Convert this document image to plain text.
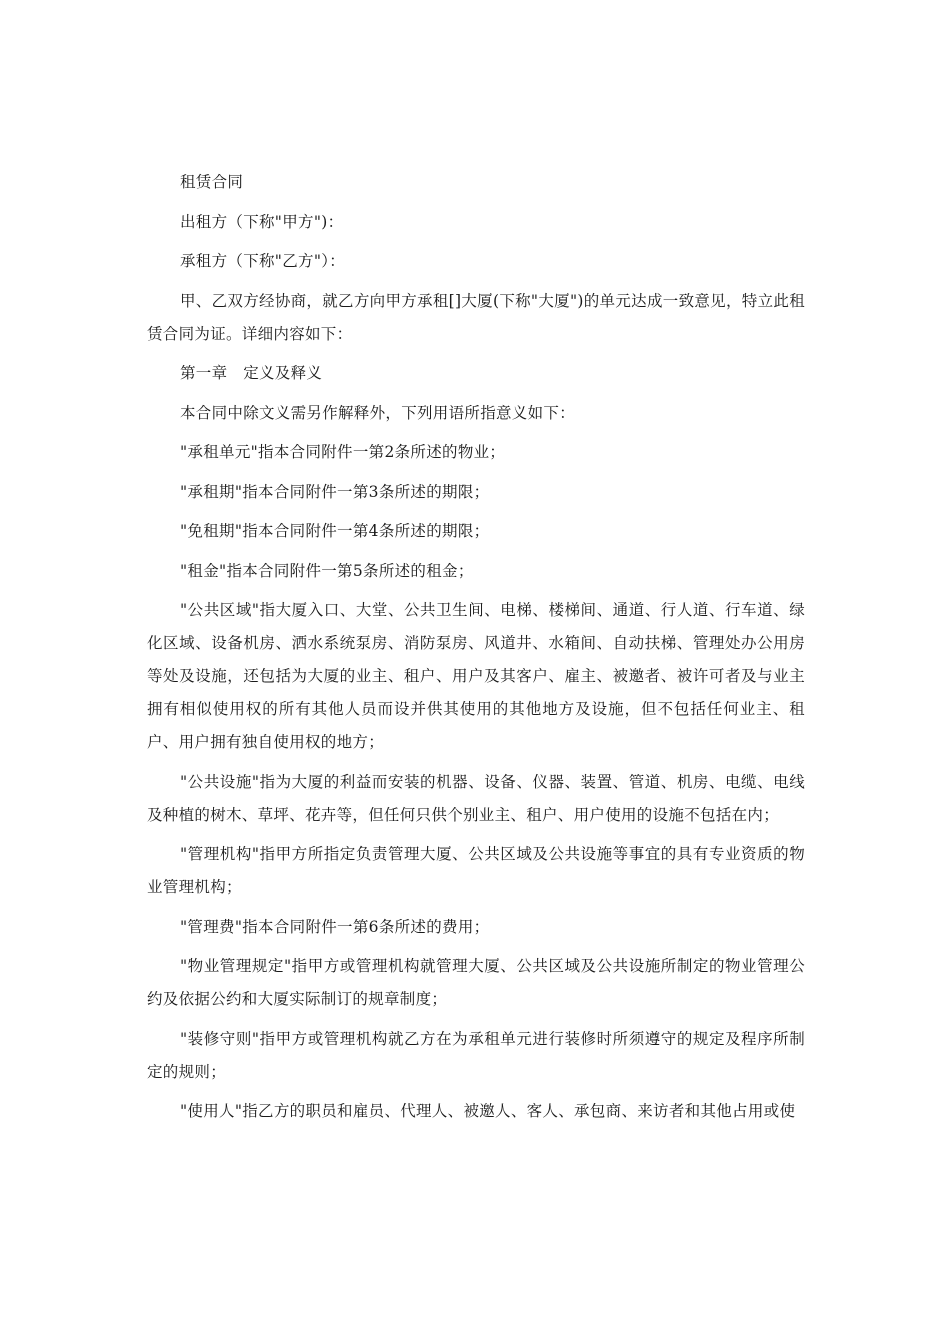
租赁合同

出租方（下称"甲方")：

承租方（下称"乙方"）：

甲、乙双方经协商，就乙方向甲方承租[]大厦(下称"大厦")的单元达成一致意见，特立此租赁合同为证。详细内容如下：

第一章　定义及释义

本合同中除文义需另作解释外，下列用语所指意义如下：

"承租单元"指本合同附件一第2条所述的物业；

"承租期"指本合同附件一第3条所述的期限；

"免租期"指本合同附件一第4条所述的期限；

"租金"指本合同附件一第5条所述的租金；

"公共区域"指大厦入口、大堂、公共卫生间、电梯、楼梯间、通道、行人道、行车道、绿化区域、设备机房、洒水系统泵房、消防泵房、风道井、水箱间、自动扶梯、管理处办公用房等处及设施，还包括为大厦的业主、租户、用户及其客户、雇主、被邀者、被许可者及与业主拥有相似使用权的所有其他人员而设并供其使用的其他地方及设施，但不包括任何业主、租户、用户拥有独自使用权的地方；

"公共设施"指为大厦的利益而安装的机器、设备、仪器、装置、管道、机房、电缆、电线及种植的树木、草坪、花卉等，但任何只供个别业主、租户、用户使用的设施不包括在内；

"管理机构"指甲方所指定负责管理大厦、公共区域及公共设施等事宜的具有专业资质的物业管理机构；

"管理费"指本合同附件一第6条所述的费用；

"物业管理规定"指甲方或管理机构就管理大厦、公共区域及公共设施所制定的物业管理公约及依据公约和大厦实际制订的规章制度；

"装修守则"指甲方或管理机构就乙方在为承租单元进行装修时所须遵守的规定及程序所制定的规则；

"使用人"指乙方的职员和雇员、代理人、被邀人、客人、承包商、来访者和其他占用或使
